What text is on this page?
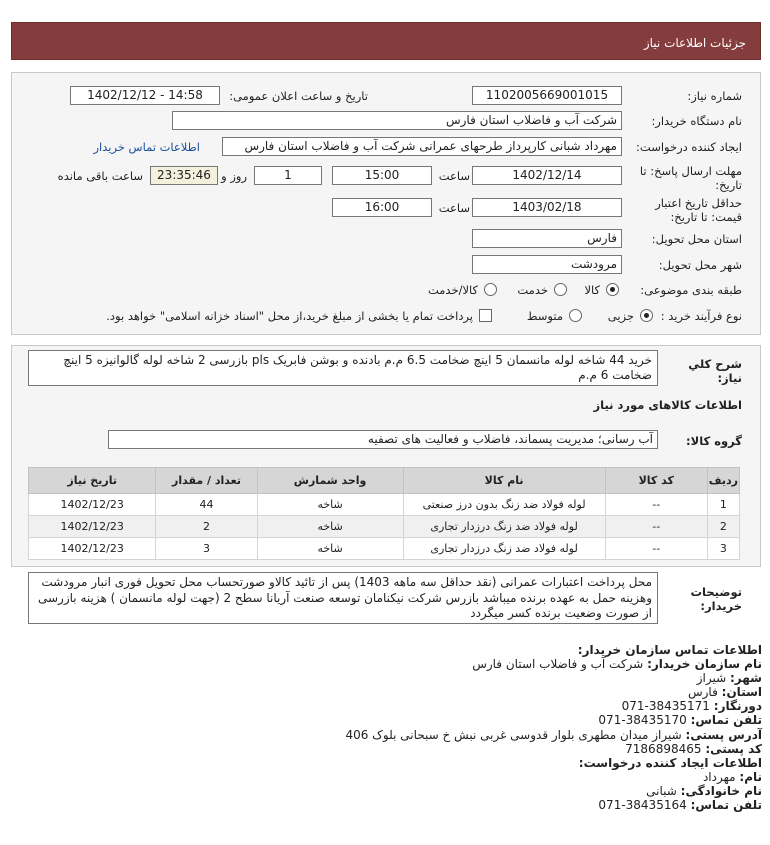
جزئیات اطلاعات نیاز
شماره نیاز:
1102005669001015
تاریخ و ساعت اعلان عمومی:
1402/12/12 - 14:58
نام دستگاه خریدار:
شرکت آب و فاضلاب استان فارس
ایجاد کننده درخواست:
مهرداد شبانی کارپرداز طرحهای عمرانی شرکت آب و فاضلاب استان فارس
اطلاعات تماس خریدار
مهلت ارسال پاسخ: تا
تاریخ:
1402/12/14
ساعت
15:00
1
روز و
23:35:46
ساعت باقی مانده
حداقل تاریخ اعتبار
قیمت: تا تاریخ:
1403/02/18
ساعت
16:00
استان محل تحویل:
فارس
شهر محل تحویل:
مرودشت
طبقه بندی موضوعی:
کالا
خدمت
کالا/خدمت
نوع فرآیند خرید :
جزیی
متوسط
پرداخت تمام یا بخشی از مبلغ خرید،از محل "اسناد خزانه اسلامی" خواهد بود.
شرح کلي
نياز:
خرید 44 شاخه لوله مانسمان 5 اینچ ضخامت 6.5 م.م بادنده و بوشن فابریک pls بازرسی 2 شاخه لوله گالوانیزه 5 اینچ ضخامت 6 م.م
اطلاعات کالاهای مورد نیاز
گروه کالا:
آب رسانی؛ مدیریت پسماند، فاضلاب و فعالیت های تصفیه
ردیف	کد کالا	نام کالا	واحد شمارش	تعداد / مقدار	تاریخ نیاز
1	--	لوله فولاد ضد زنگ بدون درز صنعتی	شاخه	44	1402/12/23
2	--	لوله فولاد ضد زنگ درزدار تجاری	شاخه	2	1402/12/23
3	--	لوله فولاد ضد زنگ درزدار تجاری	شاخه	3	1402/12/23
توضیحات
خریدار:
محل پرداخت اعتبارات عمرانی (نقد حداقل سه ماهه 1403) پس از تائید کالاو صورتحساب محل تحویل فوری انبار مرودشت وهزینه حمل به عهده برنده میباشد بازرس شرکت نیکنامان توسعه صنعت آریانا سطح 2 (جهت لوله مانسمان ) هزینه بازرسی از صورت وضعیت برنده کسر میگردد
اطلاعات تماس سازمان خریدار:
نام سازمان خریدار: شرکت آب و فاضلاب استان فارس
شهر: شیراز
استان: فارس
دورنگار: 071-38435171
تلفن تماس: 071-38435170
آدرس پستی: شیراز میدان مطهری بلوار قدوسی غربی نبش خ سبحانی بلوک 406
کد پستی: 7186898465
اطلاعات ایجاد کننده درخواست:
نام: مهرداد
نام خانوادگی: شبانی
تلفن تماس: 071-38435164
